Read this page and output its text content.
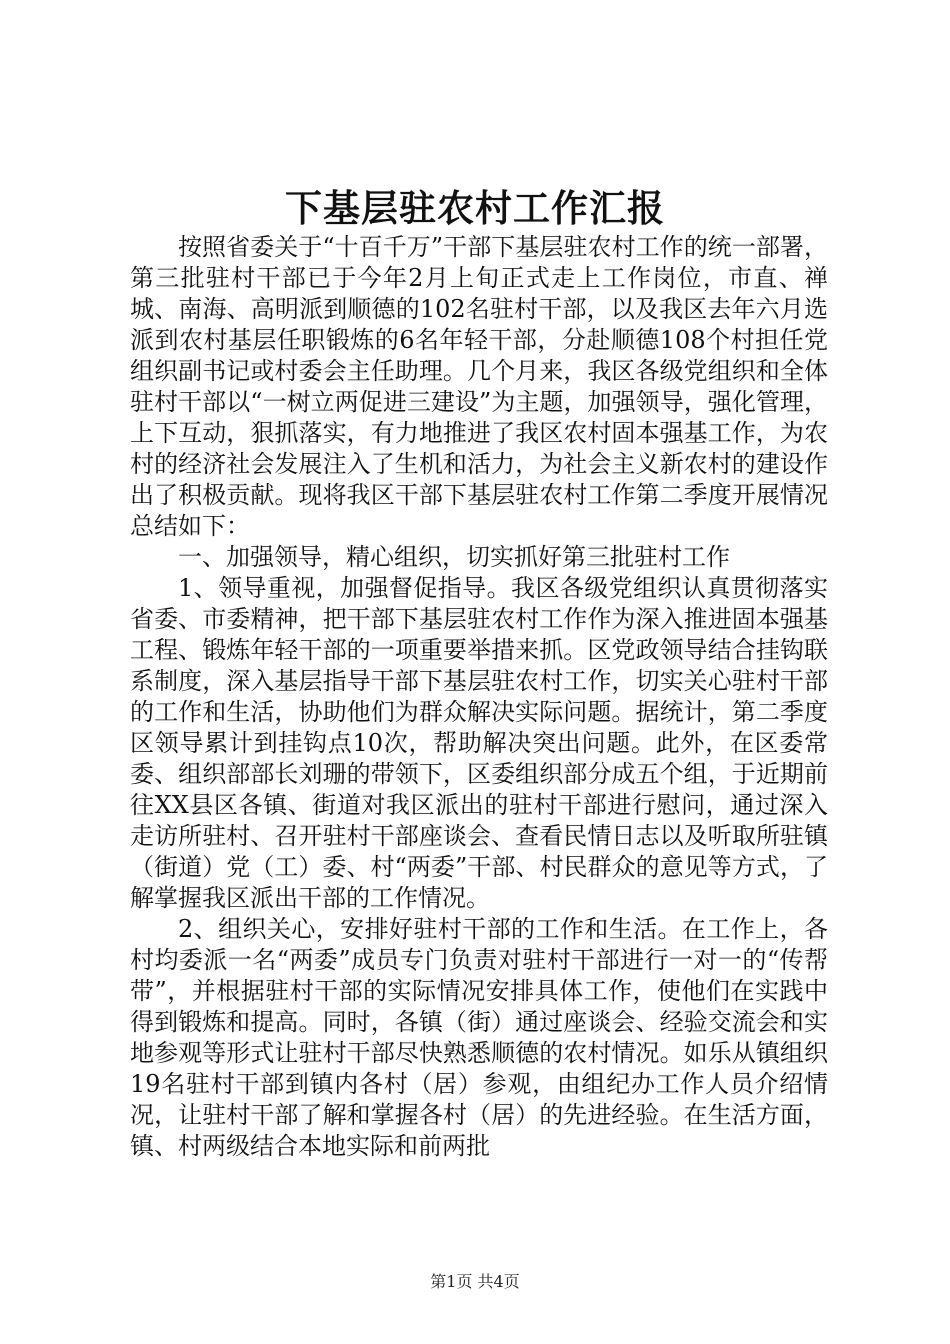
下基层驻农村工作汇报

按照省委关于“十百千万”干部下基层驻农村工作的统一部署，第三批驻村干部已于今年2月上旬正式走上工作岗位，市直、禅城、南海、高明派到顺德的102名驻村干部，以及我区去年六月选派到农村基层任职锻炼的6名年轻干部，分赴顺德108个村担任党组织副书记或村委会主任助理。几个月来，我区各级党组织和全体驻村干部以“一树立两促进三建设”为主题，加强领导，强化管理，上下互动，狠抓落实，有力地推进了我区农村固本强基工作，为农村的经济社会发展注入了生机和活力，为社会主义新农村的建设作出了积极贡献。现将我区干部下基层驻农村工作第二季度开展情况总结如下：

一、加强领导，精心组织，切实抓好第三批驻村工作

1、领导重视，加强督促指导。我区各级党组织认真贯彻落实省委、市委精神，把干部下基层驻农村工作作为深入推进固本强基工程、锻炼年轻干部的一项重要举措来抓。区党政领导结合挂钩联系制度，深入基层指导干部下基层驻农村工作，切实关心驻村干部的工作和生活，协助他们为群众解决实际问题。据统计，第二季度区领导累计到挂钩点10次，帮助解决突出问题。此外，在区委常委、组织部部长刘珊的带领下，区委组织部分成五个组，于近期前往XX县区各镇、街道对我区派出的驻村干部进行慰问，通过深入走访所驻村、召开驻村干部座谈会、查看民情日志以及听取所驻镇（街道）党（工）委、村“两委”干部、村民群众的意见等方式，了解掌握我区派出干部的工作情况。

2、组织关心，安排好驻村干部的工作和生活。在工作上，各村均委派一名“两委”成员专门负责对驻村干部进行一对一的“传帮带”，并根据驻村干部的实际情况安排具体工作，使他们在实践中得到锻炼和提高。同时，各镇（街）通过座谈会、经验交流会和实地参观等形式让驻村干部尽快熟悉顺德的农村情况。如乐从镇组织19名驻村干部到镇内各村（居）参观，由组纪办工作人员介绍情况，让驻村干部了解和掌握各村（居）的先进经验。在生活方面，镇、村两级结合本地实际和前两批

第1页 共4页
